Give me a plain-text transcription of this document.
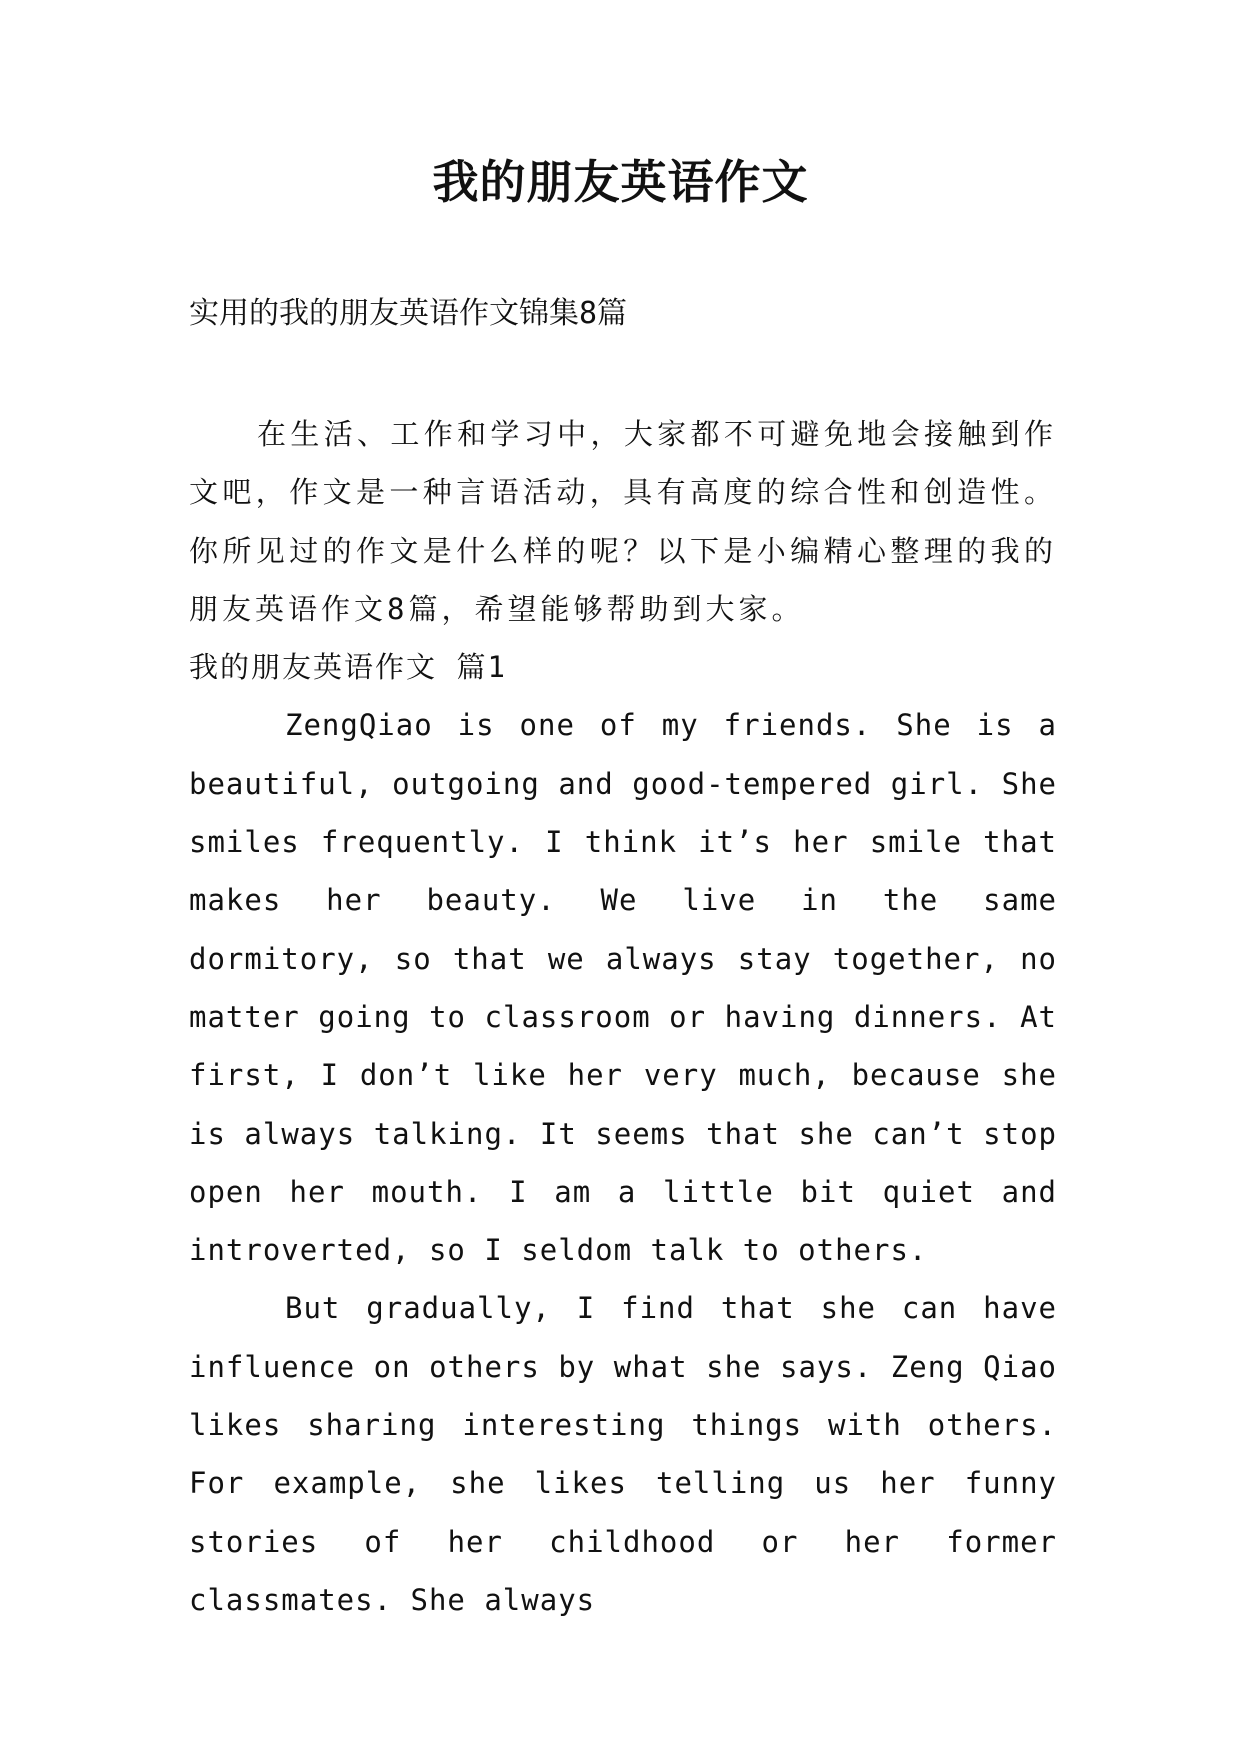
我的朋友英语作文

实用的我的朋友英语作文锦集8篇

在生活、工作和学习中，大家都不可避免地会接触到作文吧，作文是一种言语活动，具有高度的综合性和创造性。你所见过的作文是什么样的呢？以下是小编精心整理的我的朋友英语作文8篇，希望能够帮助到大家。

我的朋友英语作文 篇1

ZengQiao is one of my friends. She is a beautiful, outgoing and good-tempered girl. She smiles frequently. I think it’s her smile that makes her beauty. We live in the same dormitory, so that we always stay together, no matter going to classroom or having dinners. At first, I don’t like her very much, because she is always talking. It seems that she can’t stop open her mouth. I am a little bit quiet and introverted, so I seldom talk to others.

But gradually, I find that she can have influence on others by what she says. Zeng Qiao likes sharing interesting things with others. For example, she likes telling us her funny stories of her childhood or her former classmates. She always
